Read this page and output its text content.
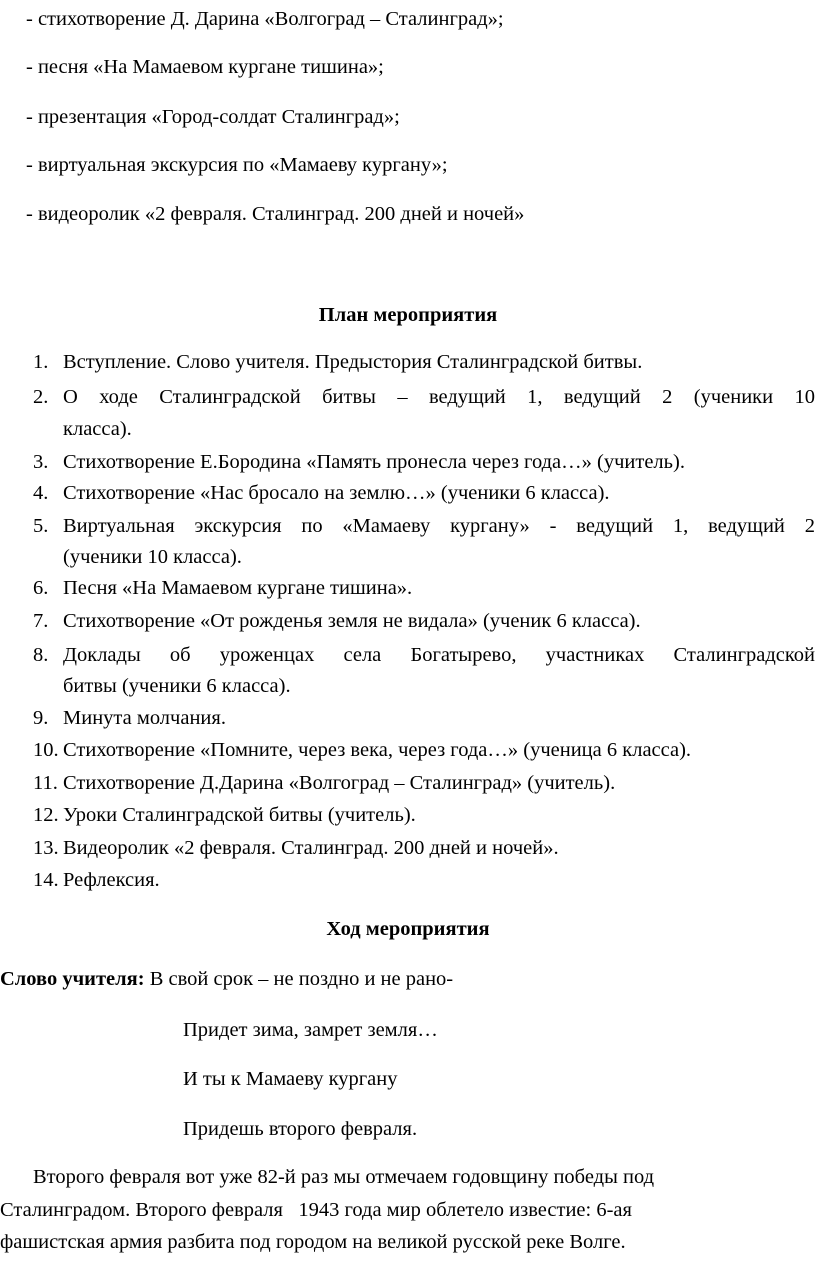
- стихотворение Д. Дарина «Волгоград – Сталинград»;
- песня «На Мамаевом кургане тишина»;
- презентация «Город-солдат Сталинград»;
- виртуальная экскурсия по «Мамаеву кургану»;
- видеоролик «2 февраля. Сталинград. 200 дней и ночей»
План мероприятия
1. Вступление. Слово учителя. Предыстория Сталинградской битвы.
2. О ходе Сталинградской битвы – ведущий 1, ведущий 2 (ученики 10
класса).
3. Стихотворение Е.Бородина «Память пронесла через года…» (учитель).
4. Стихотворение «Нас бросало на землю…» (ученики 6 класса).
5. Виртуальная экскурсия по «Мамаеву кургану» - ведущий 1, ведущий 2
(ученики 10 класса).
6. Песня «На Мамаевом кургане тишина».
7. Стихотворение «От рожденья земля не видала» (ученик 6 класса).
8. Доклады об уроженцах села Богатырево, участниках Сталинградской
битвы (ученики 6 класса).
9. Минута молчания.
10. Стихотворение «Помните, через века, через года…» (ученица 6 класса).
11. Стихотворение Д.Дарина «Волгоград – Сталинград» (учитель).
12. Уроки Сталинградской битвы (учитель).
13. Видеоролик «2 февраля. Сталинград. 200 дней и ночей».
14. Рефлексия.
Ход мероприятия
Слово учителя: В свой срок – не поздно и не рано-
Придет зима, замрет земля…
И ты к Мамаеву кургану
Придешь второго февраля.
Второго февраля вот уже 82-й раз мы отмечаем годовщину победы под
Сталинградом. Второго февраля   1943 года мир облетело известие: 6-ая
фашистская армия разбита под городом на великой русской реке Волге.
